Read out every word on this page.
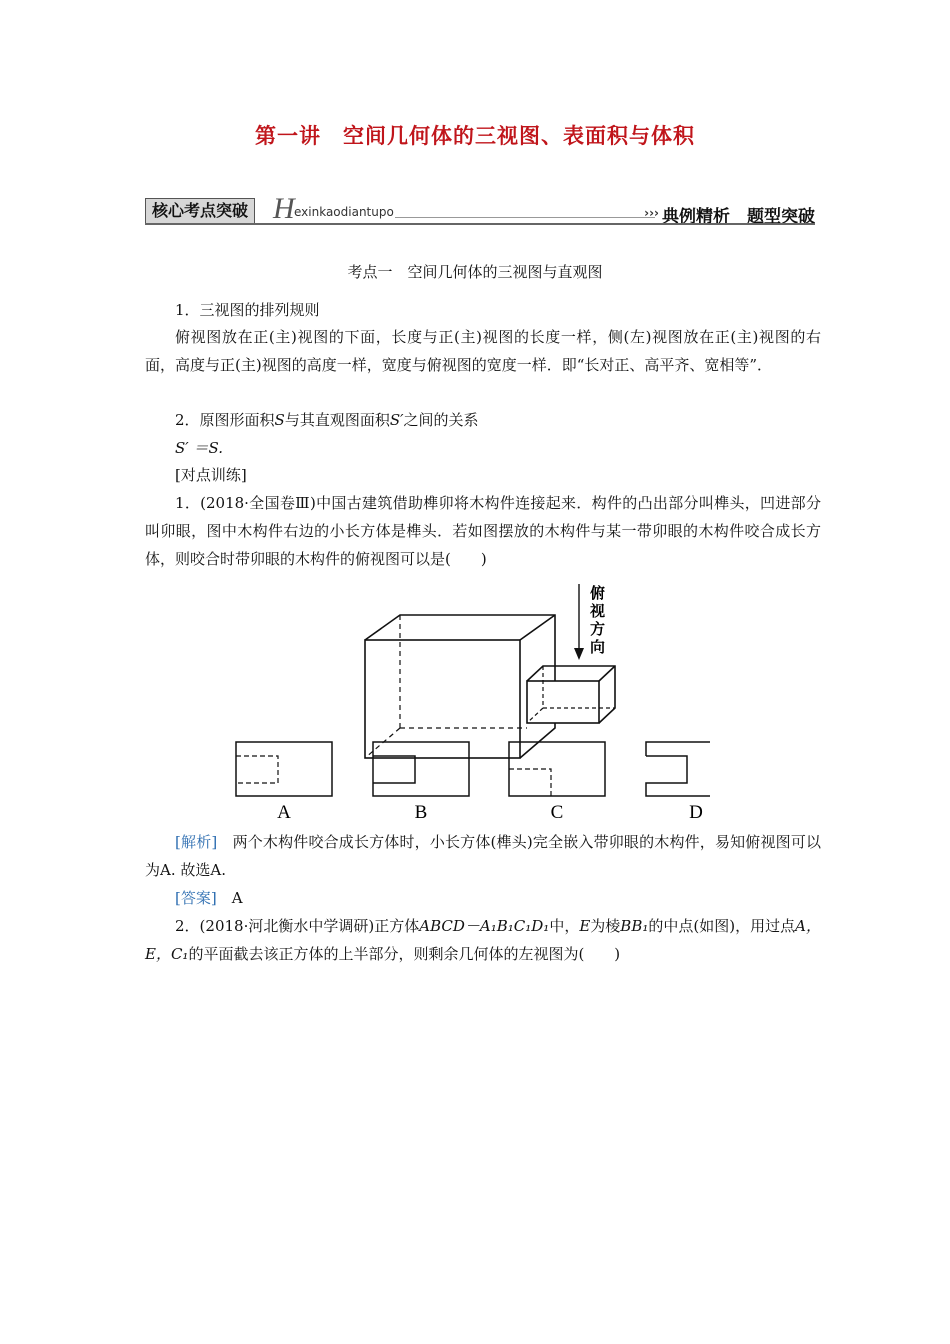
第一讲　空间几何体的三视图、表面积与体积
核心考点突破 H exinkaodiantupo	››› 典例精析　题型突破
考点一　空间几何体的三视图与直观图
1．三视图的排列规则
俯视图放在正(主)视图的下面，长度与正(主)视图的长度一样，侧(左)视图放在正(主)视图的右面，高度与正(主)视图的高度一样，宽度与俯视图的宽度一样．即“长对正、高平齐、宽相等”．
2．原图形面积S与其直观图面积S′之间的关系
S′ ＝S.
[对点训练]
1．(2018·全国卷Ⅲ)中国古建筑借助榫卯将木构件连接起来．构件的凸出部分叫榫头，凹进部分叫卯眼，图中木构件右边的小长方体是榫头．若如图摆放的木构件与某一带卯眼的木构件咬合成长方体，则咬合时带卯眼的木构件的俯视图可以是(　　)
俯 视 方 向
A	B	C	D
[解析]　两个木构件咬合成长方体时，小长方体(榫头)完全嵌入带卯眼的木构件，易知俯视图可以为A. 故选A.
[答案]　A
2．(2018·河北衡水中学调研)正方体ABCD－A₁B₁C₁D₁中，E为棱BB₁的中点(如图)，用过点A，E，C₁的平面截去该正方体的上半部分，则剩余几何体的左视图为(　　)
